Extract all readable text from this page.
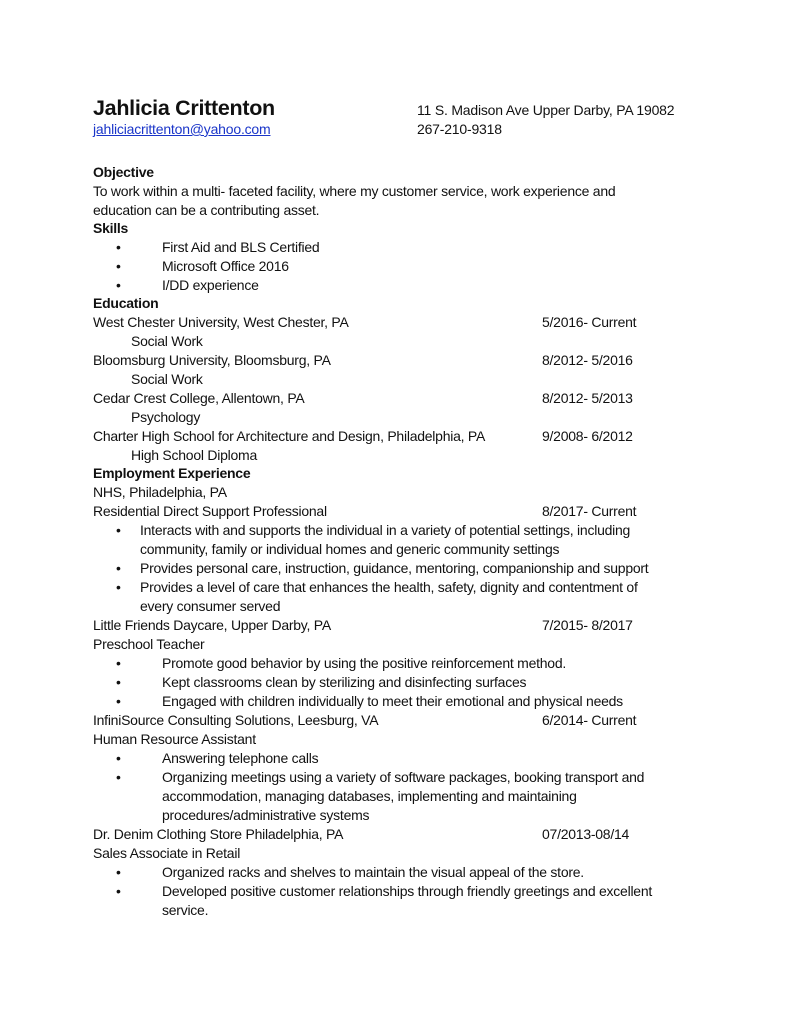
Jahlicia Crittenton
jahliciacrittenton@yahoo.com
11 S. Madison Ave Upper Darby, PA 19082
267-210-9318
Objective
To work within a multi- faceted facility, where my customer service, work experience and
education can be a contributing asset.
Skills
•	First Aid and BLS Certified
•	Microsoft Office 2016
•	I/DD experience
Education
West Chester University, West Chester, PA	5/2016- Current
Social Work
Bloomsburg University, Bloomsburg, PA	8/2012- 5/2016
Social Work
Cedar Crest College, Allentown, PA	8/2012- 5/2013
Psychology
Charter High School for Architecture and Design, Philadelphia, PA	9/2008- 6/2012
High School Diploma
Employment Experience
NHS, Philadelphia, PA
Residential Direct Support Professional	8/2017- Current
• Interacts with and supports the individual in a variety of potential settings, including
community, family or individual homes and generic community settings
• Provides personal care, instruction, guidance, mentoring, companionship and support
• Provides a level of care that enhances the health, safety, dignity and contentment of
every consumer served
Little Friends Daycare, Upper Darby, PA	7/2015- 8/2017
Preschool Teacher
•	Promote good behavior by using the positive reinforcement method.
•	Kept classrooms clean by sterilizing and disinfecting surfaces
•	Engaged with children individually to meet their emotional and physical needs
InfiniSource Consulting Solutions, Leesburg, VA	6/2014- Current
Human Resource Assistant
•	Answering telephone calls
•	Organizing meetings using a variety of software packages, booking transport and
accommodation, managing databases, implementing and maintaining
procedures/administrative systems
Dr. Denim Clothing Store Philadelphia, PA	07/2013-08/14
Sales Associate in Retail
•	Organized racks and shelves to maintain the visual appeal of the store.
•	Developed positive customer relationships through friendly greetings and excellent
service.
